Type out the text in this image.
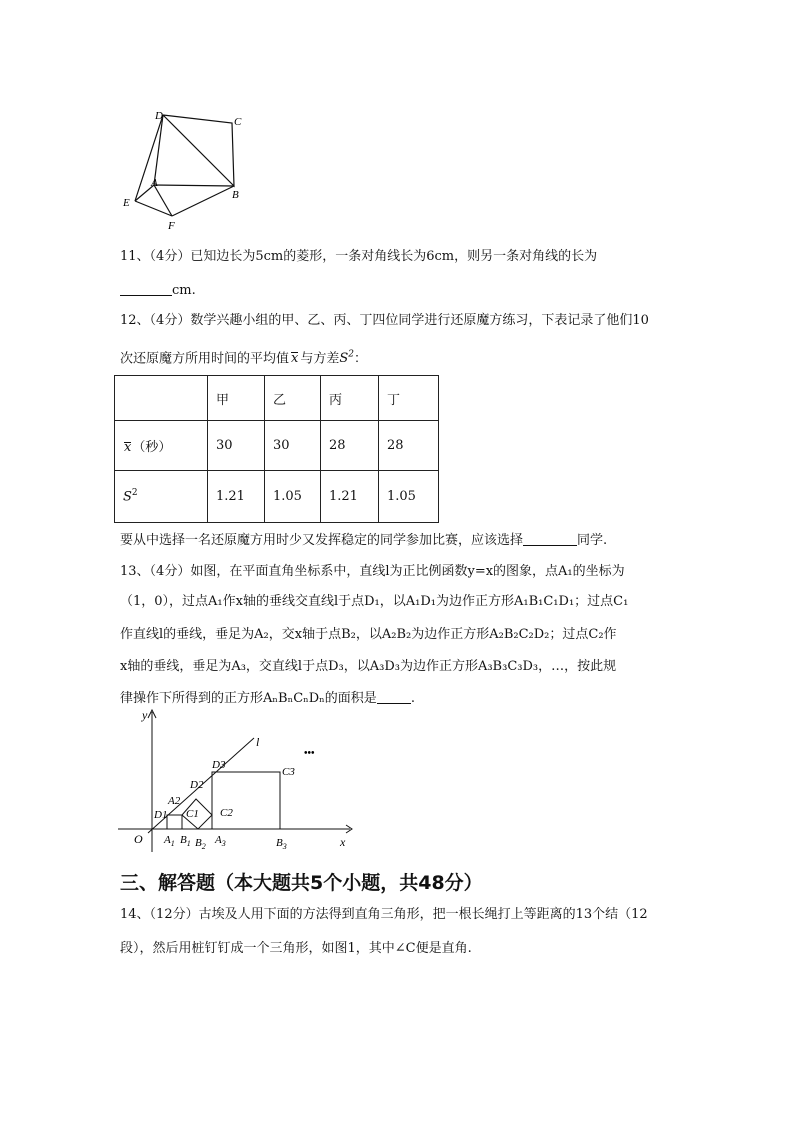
D	C
A
E
B
F
11、（4分）已知边长为5cm的菱形，一条对角线长为6cm，则另一条对角线的长为
cm.
12、（4分）数学兴趣小组的甲、乙、丙、丁四位同学进行还原魔方练习，下表记录了他们10
次还原魔方所用时间的平均值 x 与方差$S^2$：
	甲	乙	丙	丁
x
（秒）	30	30	28	28
$S^2$	1.21	1.05	1.21	1.05
要从中选择一名还原魔方用时少又发挥稳定的同学参加比赛，应该选择	同学.
13、（4分）如图，在平面直角坐标系中，直线l为正比例函数y=x的图象，点A₁的坐标为
（1，0），过点A₁作x轴的垂线交直线l于点D₁，以A₁D₁为边作正方形A₁B₁C₁D₁；过点C₁
作直线l的垂线，垂足为A₂，交x轴于点B₂，以A₂B₂为边作正方形A₂B₂C₂D₂；过点C₂作
x轴的垂线，垂足为A₃，交直线l于点D₃，以A₃D₃为边作正方形A₃B₃C₃D₃，…，按此规
律操作下所得到的正方形AₙBₙCₙDₙ的面积是	.
y
x
O
l
•••
D1
A2
C1
D2
C2
D3
C3
$A_1$ $B_1$ $B_2$
$A_3$	$B_3$
三、解答题（本大题共5个小题，共48分）
14、（12分）古埃及人用下面的方法得到直角三角形，把一根长绳打上等距离的13个结（12
段），然后用桩钉钉成一个三角形，如图1，其中∠C便是直角.
